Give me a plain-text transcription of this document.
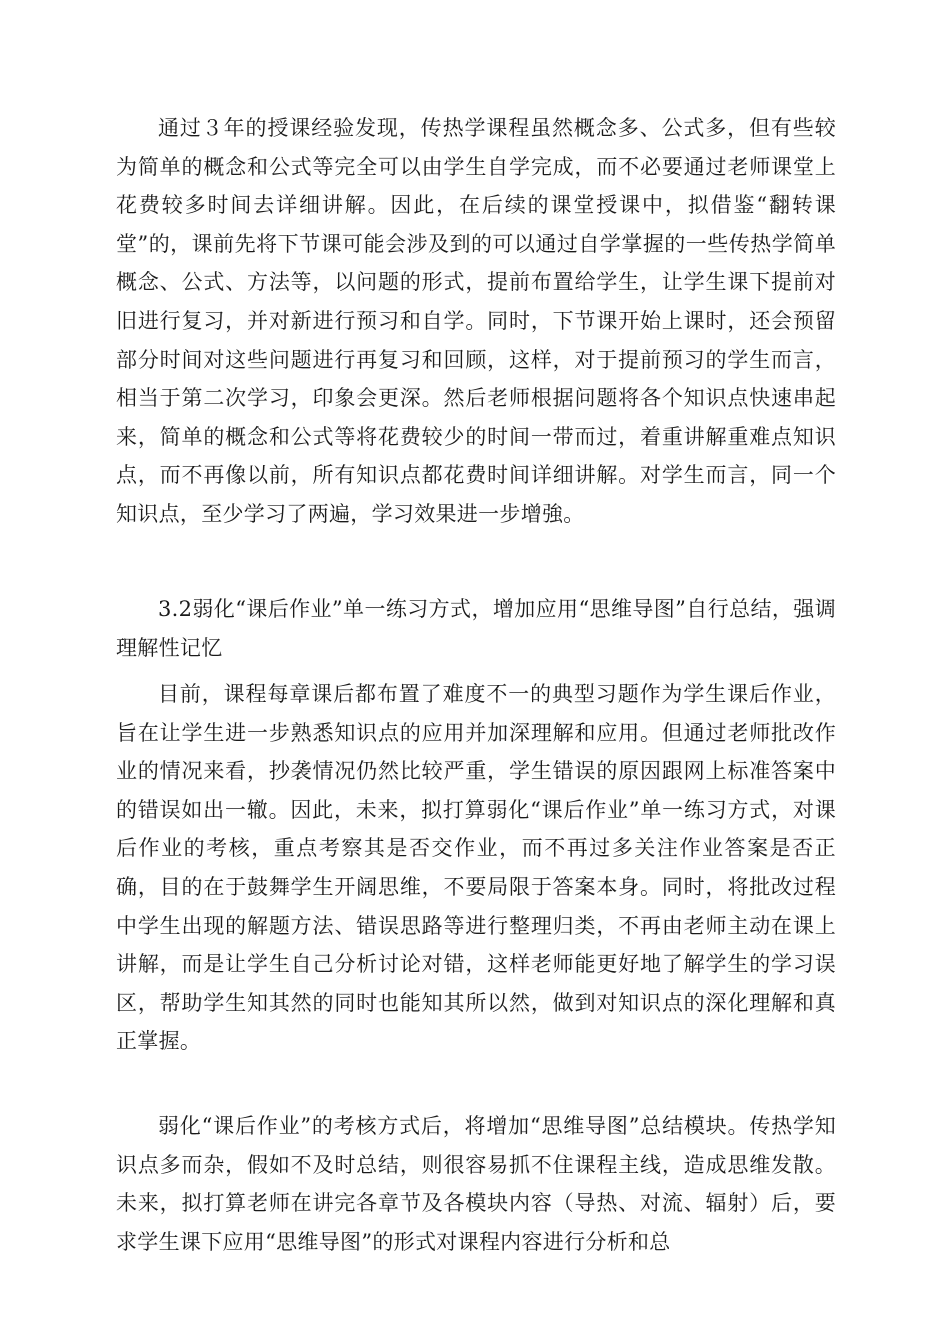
通过３年的授课经验发现，传热学课程虽然概念多、公式多，但有些较为简单的概念和公式等完全可以由学生自学完成，而不必要通过老师课堂上花费较多时间去详细讲解。因此，在后续的课堂授课中，拟借鉴“翻转课堂”的，课前先将下节课可能会涉及到的可以通过自学掌握的一些传热学简单概念、公式、方法等，以问题的形式，提前布置给学生，让学生课下提前对旧进行复习，并对新进行预习和自学。同时，下节课开始上课时，还会预留部分时间对这些问题进行再复习和回顾，这样，对于提前预习的学生而言，相当于第二次学习，印象会更深。然后老师根据问题将各个知识点快速串起来，简单的概念和公式等将花费较少的时间一带而过，着重讲解重难点知识点，而不再像以前，所有知识点都花费时间详细讲解。对学生而言，同一个知识点，至少学习了两遍，学习效果进一步增強。

3.2弱化“课后作业”单一练习方式，增加应用“思维导图”自行总结，强调理解性记忆

目前，课程每章课后都布置了难度不一的典型习题作为学生课后作业，旨在让学生进一步熟悉知识点的应用并加深理解和应用。但通过老师批改作业的情况来看，抄袭情况仍然比较严重，学生错误的原因跟网上标准答案中的错误如出一辙。因此，未来，拟打算弱化“课后作业”单一练习方式，对课后作业的考核，重点考察其是否交作业，而不再过多关注作业答案是否正确，目的在于鼓舞学生开阔思维，不要局限于答案本身。同时，将批改过程中学生出现的解题方法、错误思路等进行整理归类，不再由老师主动在课上讲解，而是让学生自己分析讨论对错，这样老师能更好地了解学生的学习误区，帮助学生知其然的同时也能知其所以然，做到对知识点的深化理解和真正掌握。

弱化“课后作业”的考核方式后，将增加“思维导图”总结模块。传热学知识点多而杂，假如不及时总结，则很容易抓不住课程主线，造成思维发散。未来，拟打算老师在讲完各章节及各模块内容（导热、对流、辐射）后，要求学生课下应用“思维导图”的形式对课程内容进行分析和总
